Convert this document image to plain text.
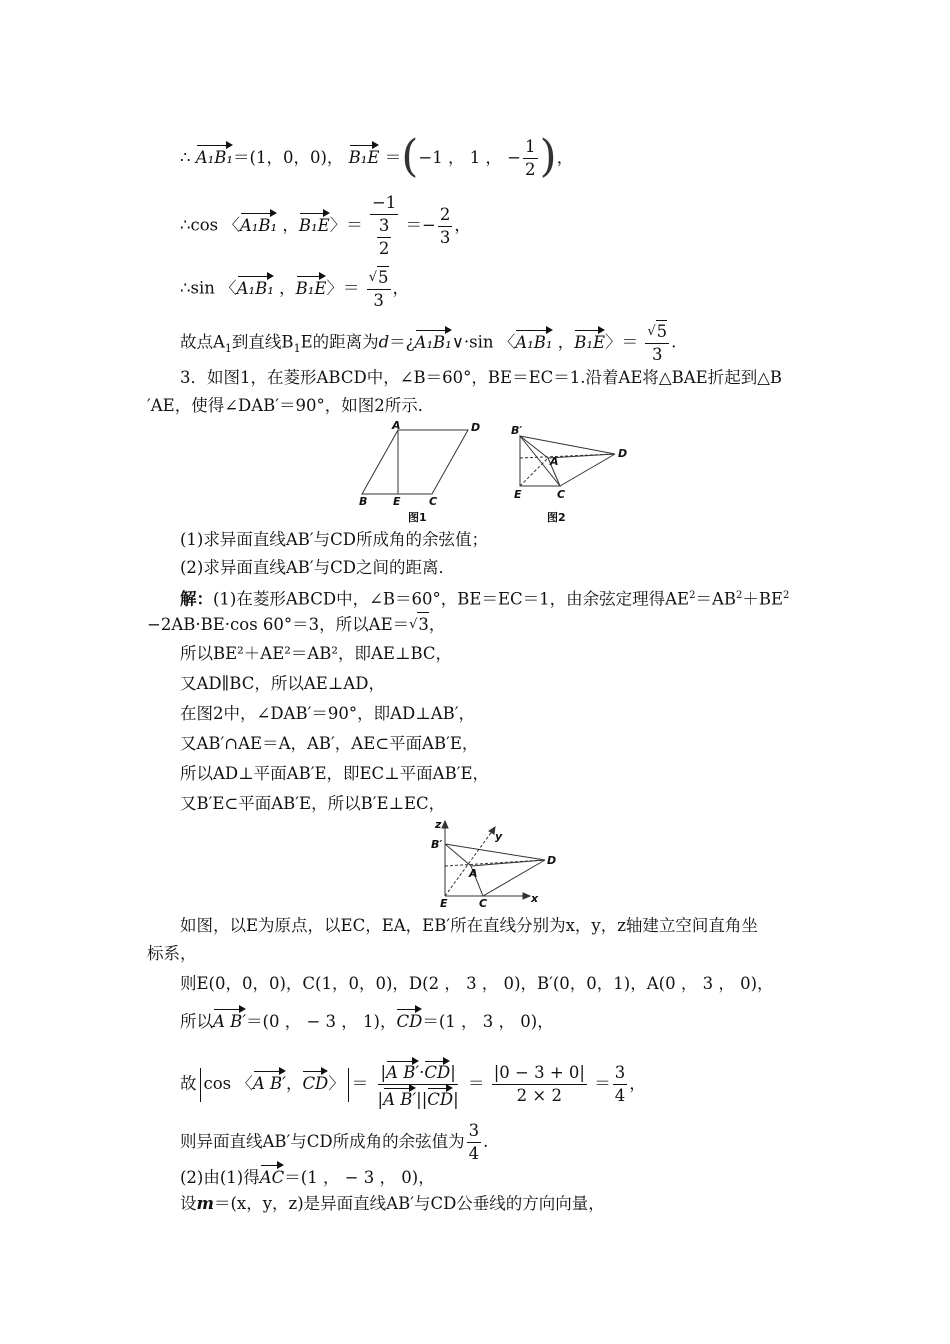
∴ A₁B₁＝(1，0，0)， B₁E ＝(−1 ， 1 ， − $\frac{1}{2}$ )，
∴cos 〈A₁B₁ ，B₁E〉＝ $\frac{-1}{\frac{3}{2}} =- \frac{2}{3}$ ，
∴sin 〈A₁B₁ ，B₁E〉＝ $\frac{√5}{3}$ ，
故点$A_1$到直线$B_1E$的距离为d＝¿A₁B₁∨·sin 〈A₁B₁ ，B₁E〉＝ $\frac{√5}{3}$ .
3．如图1，在菱形ABCD中，∠B＝60°，BE＝EC＝1.沿着AE将△BAE折起到△B
′AE，使得∠DAB′＝90°，如图2所示．
A	D
B E	C
B′
A
D
E	C
图1	图2
(1)求异面直线AB′与CD所成角的余弦值；
(2)求异面直线AB′与CD之间的距离．
解：(1)在菱形ABCD中，∠B＝60°，BE＝EC＝1，由余弦定理得$AE^2=AB^2+BE^2$
−2AB·BE·cos 60°＝3，所以AE＝√3，
所以BE²＋AE²＝AB²，即AE⊥BC，
又AD∥BC，所以AE⊥AD，
在图2中，∠DAB′＝90°，即AD⊥AB′，
又AB′∩AE＝A，AB′，AE⊂平面AB′E，
所以AD⊥平面AB′E，即EC⊥平面AB′E，
又B′E⊂平面AB′E，所以B′E⊥EC，
z
y
x
B′
A
D
E	C
如图，以E为原点，以EC，EA，EB′所在直线分别为x，y，z轴建立空间直角坐
标系，
则E(0，0，0)，C(1，0，0)，D(2 ， 3 ， 0)，B′(0，0，1)，A(0 ， 3 ， 0)，
所以A B′＝(0 ， − 3 ， 1)，CD＝(1 ， 3 ， 0)，
故 cos 〈A B′，CD〉 ＝ $\frac{\text{|A B′·CD|}}{\text{|A B′||CD|}} = \frac{|0 - 3 + 0|}{2 \times 2} = \frac{3}{4}$ ，
则异面直线AB′与CD所成角的余弦值为 $\frac{3}{4}$ .
(2)由(1)得AC＝(1 ， − 3 ， 0)，
设m＝(x，y，z)是异面直线AB′与CD公垂线的方向向量，
